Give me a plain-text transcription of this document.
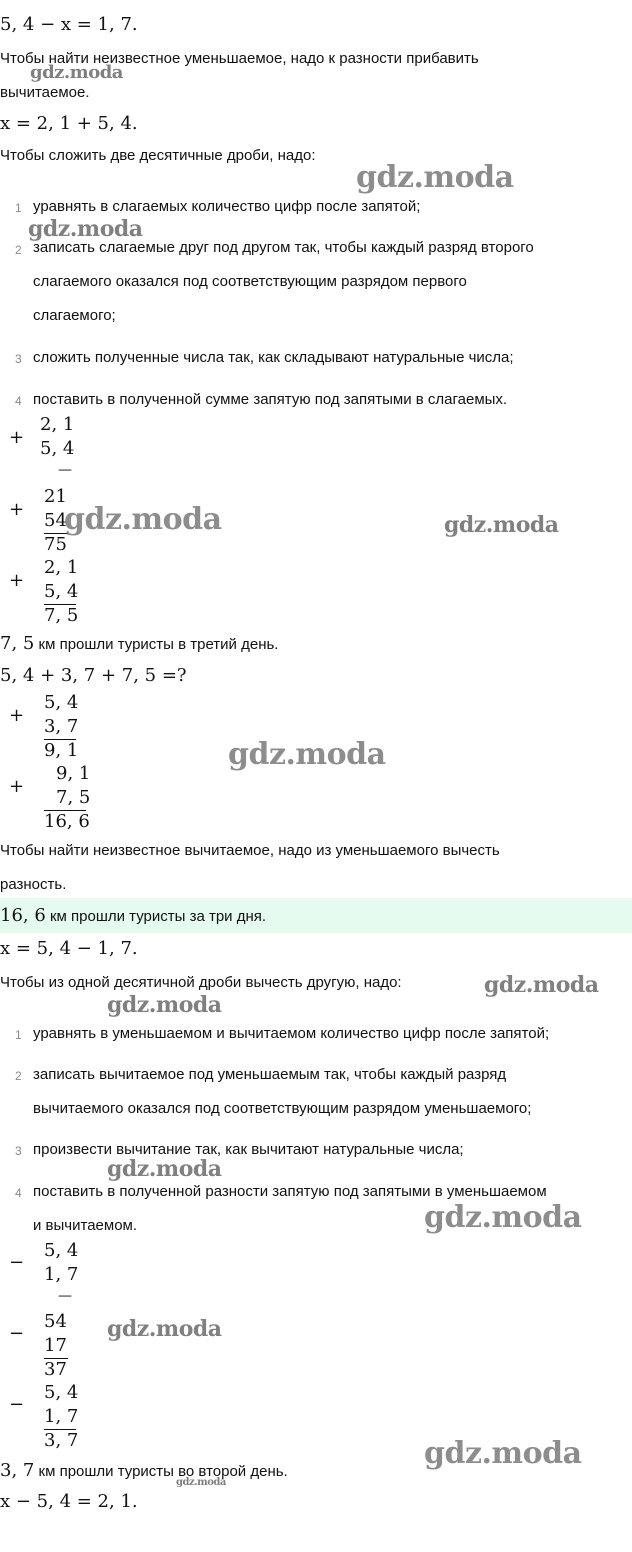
5, 4 − x = 1, 7.
Чтобы найти неизвестное уменьшаемое, надо к разности прибавить
вычитаемое.
x = 2, 1 + 5, 4.
Чтобы сложить две десятичные дроби, надо:
1 уравнять в слагаемых количество цифр после запятой;
2 записать слагаемые друг под другом так, чтобы каждый разряд второго
слагаемого оказался под соответствующим разрядом первого
слагаемого;
3 сложить полученные числа так, как складывают натуральные числа;
4 поставить в полученной сумме запятую под запятыми в слагаемых.
+
2, 1
5, 4
—
+
21
54
75
+
2, 1
5, 4
7, 5
7, 5 км прошли туристы в третий день.
5, 4 + 3, 7 + 7, 5 =?
+
5, 4
3, 7
9, 1
+
9, 1
7, 5
16, 6
Чтобы найти неизвестное вычитаемое, надо из уменьшаемого вычесть
разность.
16, 6 км прошли туристы за три дня.
x = 5, 4 − 1, 7.
Чтобы из одной десятичной дроби вычесть другую, надо:
1 уравнять в уменьшаемом и вычитаемом количество цифр после запятой;
2 записать вычитаемое под уменьшаемым так, чтобы каждый разряд
вычитаемого оказался под соответствующим разрядом уменьшаемого;
3 произвести вычитание так, как вычитают натуральные числа;
4 поставить в полученной разности запятую под запятыми в уменьшаемом
и вычитаемом.
−
5, 4
1, 7
—
−
54
17
37
−
5, 4
1, 7
3, 7
3, 7 км прошли туристы во второй день.
x − 5, 4 = 2, 1.
gdz.moda
gdz.moda
gdz.moda
gdz.moda	gdz.moda
gdz.moda
gdz.moda
gdz.moda
gdz.moda
gdz.moda
gdz.moda
gdz.moda
gdz.moda
